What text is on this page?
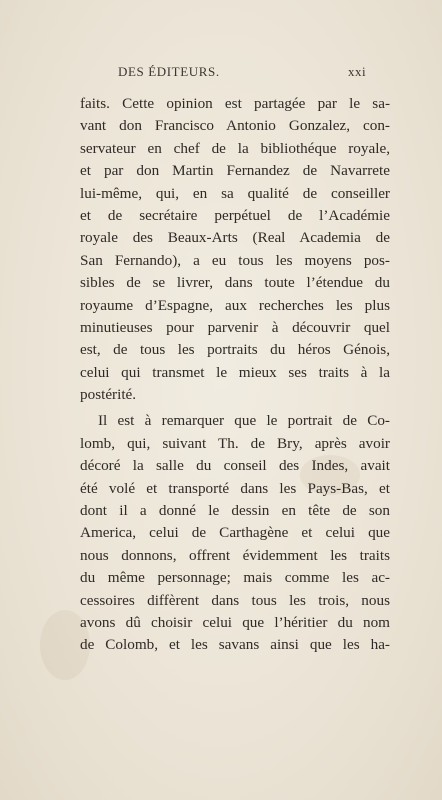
DES ÉDITEURS.	xxi
faits. Cette opinion est partagée par le sa-
vant don Francisco Antonio Gonzalez, con-
servateur en chef de la bibliothéque royale,
et par don Martin Fernandez de Navarrete
lui-même, qui, en sa qualité de conseiller
et de secrétaire perpétuel de l’Académie
royale des Beaux-Arts (Real Academia de
San Fernando), a eu tous les moyens pos-
sibles de se livrer, dans toute l’étendue du
royaume d’Espagne, aux recherches les plus
minutieuses pour parvenir à découvrir quel
est, de tous les portraits du héros Génois,
celui qui transmet le mieux ses traits à la
postérité.
Il est à remarquer que le portrait de Co-
lomb, qui, suivant Th. de Bry, après avoir
décoré la salle du conseil des Indes, avait
été volé et transporté dans les Pays-Bas, et
dont il a donné le dessin en tête de son
America, celui de Carthagène et celui que
nous donnons, offrent évidemment les traits
du même personnage; mais comme les ac-
cessoires diffèrent dans tous les trois, nous
avons dû choisir celui que l’héritier du nom
de Colomb, et les savans ainsi que les ha-
